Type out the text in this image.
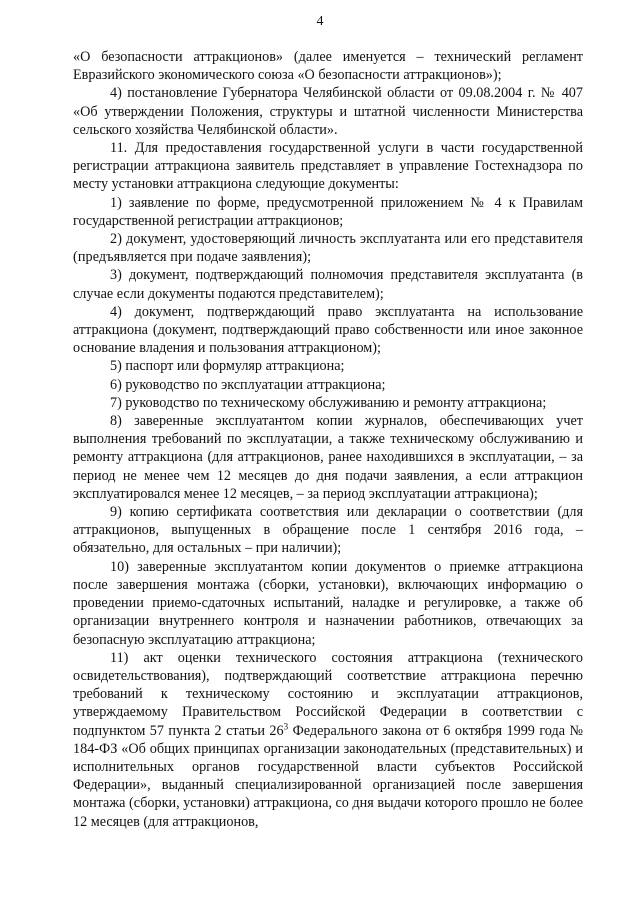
4

«О безопасности аттракционов» (далее именуется – технический регламент Евразийского экономического союза «О безопасности аттракционов»);

4) постановление Губернатора Челябинской области от 09.08.2004 г. № 407 «Об утверждении Положения, структуры и штатной численности Министерства сельского хозяйства Челябинской области».

11. Для предоставления государственной услуги в части государственной регистрации аттракциона заявитель представляет в управление Гостехнадзора по месту установки аттракциона следующие документы:

1) заявление по форме, предусмотренной приложением № 4 к Правилам государственной регистрации аттракционов;

2) документ, удостоверяющий личность эксплуатанта или его представителя (предъявляется при подаче заявления);

3) документ, подтверждающий полномочия представителя эксплуатанта (в случае если документы подаются представителем);

4) документ, подтверждающий право эксплуатанта на использование аттракциона (документ, подтверждающий право собственности или иное законное основание владения и пользования аттракционом);

5) паспорт или формуляр аттракциона;

6) руководство по эксплуатации аттракциона;

7) руководство по техническому обслуживанию и ремонту аттракциона;

8) заверенные эксплуатантом копии журналов, обеспечивающих учет выполнения требований по эксплуатации, а также техническому обслуживанию и ремонту аттракциона (для аттракционов, ранее находившихся в эксплуатации, – за период не менее чем 12 месяцев до дня подачи заявления, а если аттракцион эксплуатировался менее 12 месяцев, – за период эксплуатации аттракциона);

9) копию сертификата соответствия или декларации о соответствии (для аттракционов, выпущенных в обращение после 1 сентября 2016 года, – обязательно, для остальных – при наличии);

10) заверенные эксплуатантом копии документов о приемке аттракциона после завершения монтажа (сборки, установки), включающих информацию о проведении приемо-сдаточных испытаний, наладке и регулировке, а также об организации внутреннего контроля и назначении работников, отвечающих за безопасную эксплуатацию аттракциона;

11) акт оценки технического состояния аттракциона (технического освидетельствования), подтверждающий соответствие аттракциона перечню требований к техническому состоянию и эксплуатации аттракционов, утверждаемому Правительством Российской Федерации в соответствии с подпунктом 57 пункта 2 статьи $26^3$ Федерального закона от 6 октября 1999 года № 184-ФЗ «Об общих принципах организации законодательных (представительных) и исполнительных органов государственной власти субъектов Российской Федерации», выданный специализированной организацией после завершения монтажа (сборки, установки) аттракциона, со дня выдачи которого прошло не более 12 месяцев (для аттракционов,
